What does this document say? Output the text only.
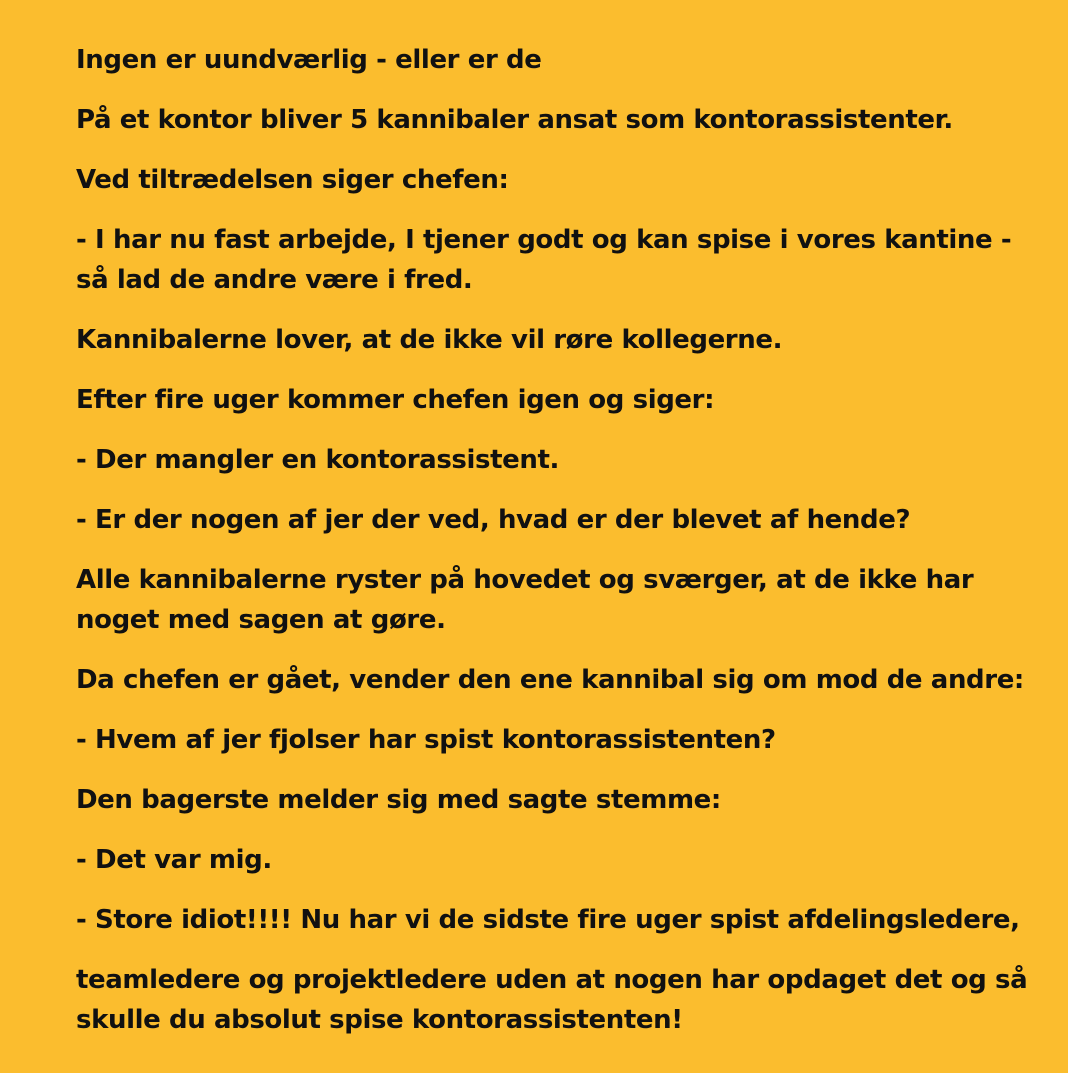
Ingen er uundværlig - eller er de
På et kontor bliver 5 kannibaler ansat som kontorassistenter.
Ved tiltrædelsen siger chefen:
- I har nu fast arbejde, I tjener godt og kan spise i vores kantine - så lad de andre være i fred.
Kannibalerne lover, at de ikke vil røre kollegerne.
Efter fire uger kommer chefen igen og siger:
- Der mangler en kontorassistent.
- Er der nogen af jer der ved, hvad er der blevet af hende?
Alle kannibalerne ryster på hovedet og sværger, at de ikke har noget med sagen at gøre.
Da chefen er gået, vender den ene kannibal sig om mod de andre:
- Hvem af jer fjolser har spist kontorassistenten?
Den bagerste melder sig med sagte stemme:
- Det var mig.
- Store idiot!!!! Nu har vi de sidste fire uger spist afdelingsledere,
teamledere og projektledere uden at nogen har opdaget det og så skulle du absolut spise kontorassistenten!
